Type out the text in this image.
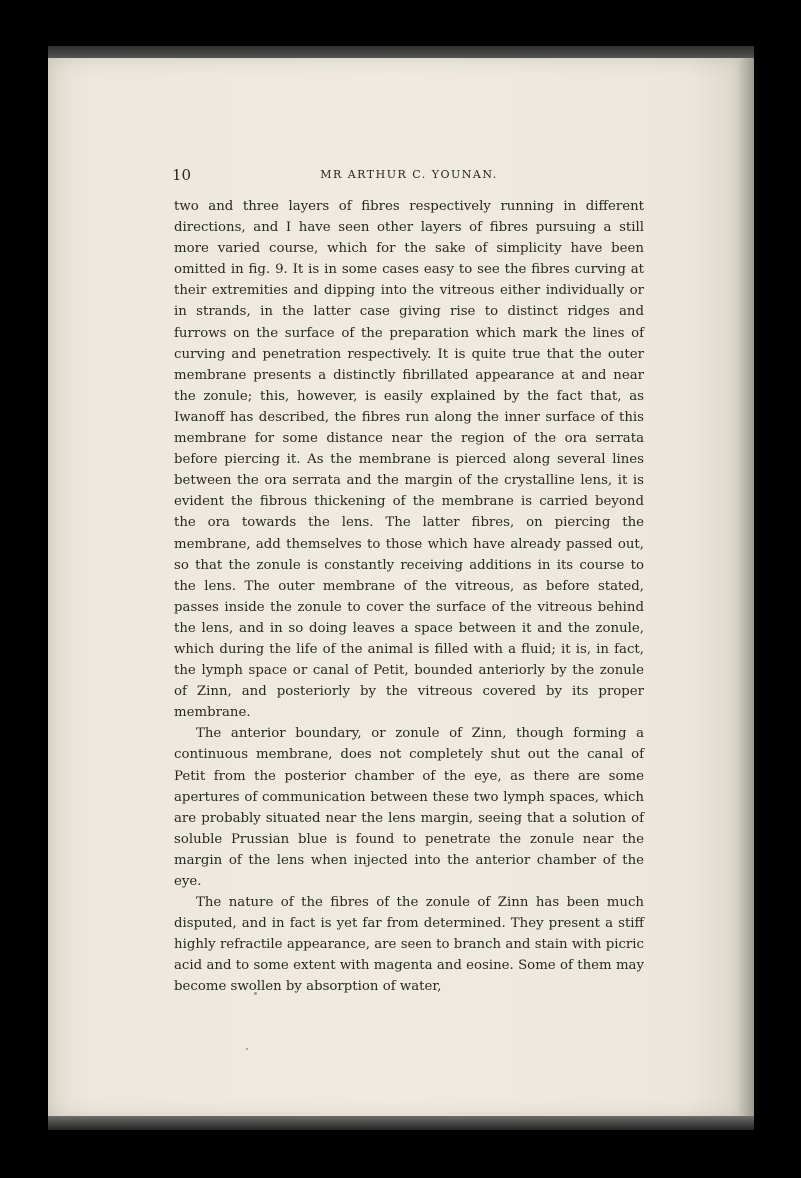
10	MR ARTHUR C. YOUNAN.

two and three layers of fibres respectively running in different directions, and I have seen other layers of fibres pursuing a still more varied course, which for the sake of simplicity have been omitted in fig. 9. It is in some cases easy to see the fibres curving at their extremities and dipping into the vitreous either individually or in strands, in the latter case giving rise to distinct ridges and furrows on the surface of the preparation which mark the lines of curving and penetration respectively. It is quite true that the outer membrane presents a distinctly fibrillated appearance at and near the zonule; this, however, is easily explained by the fact that, as Iwanoff has described, the fibres run along the inner surface of this membrane for some distance near the region of the ora serrata before piercing it. As the membrane is pierced along several lines between the ora serrata and the margin of the crystalline lens, it is evident the fibrous thickening of the membrane is carried beyond the ora towards the lens. The latter fibres, on piercing the membrane, add themselves to those which have already passed out, so that the zonule is constantly receiving additions in its course to the lens. The outer membrane of the vitreous, as before stated, passes inside the zonule to cover the surface of the vitreous behind the lens, and in so doing leaves a space between it and the zonule, which during the life of the animal is filled with a fluid; it is, in fact, the lymph space or canal of Petit, bounded anteriorly by the zonule of Zinn, and posteriorly by the vitreous covered by its proper membrane.

The anterior boundary, or zonule of Zinn, though forming a continuous membrane, does not completely shut out the canal of Petit from the posterior chamber of the eye, as there are some apertures of communication between these two lymph spaces, which are probably situated near the lens margin, seeing that a solution of soluble Prussian blue is found to penetrate the zonule near the margin of the lens when injected into the anterior chamber of the eye.

The nature of the fibres of the zonule of Zinn has been much disputed, and in fact is yet far from determined. They present a stiff highly refractile appearance, are seen to branch and stain with picric acid and to some extent with magenta and eosine. Some of them may become swollen by absorption of water,
